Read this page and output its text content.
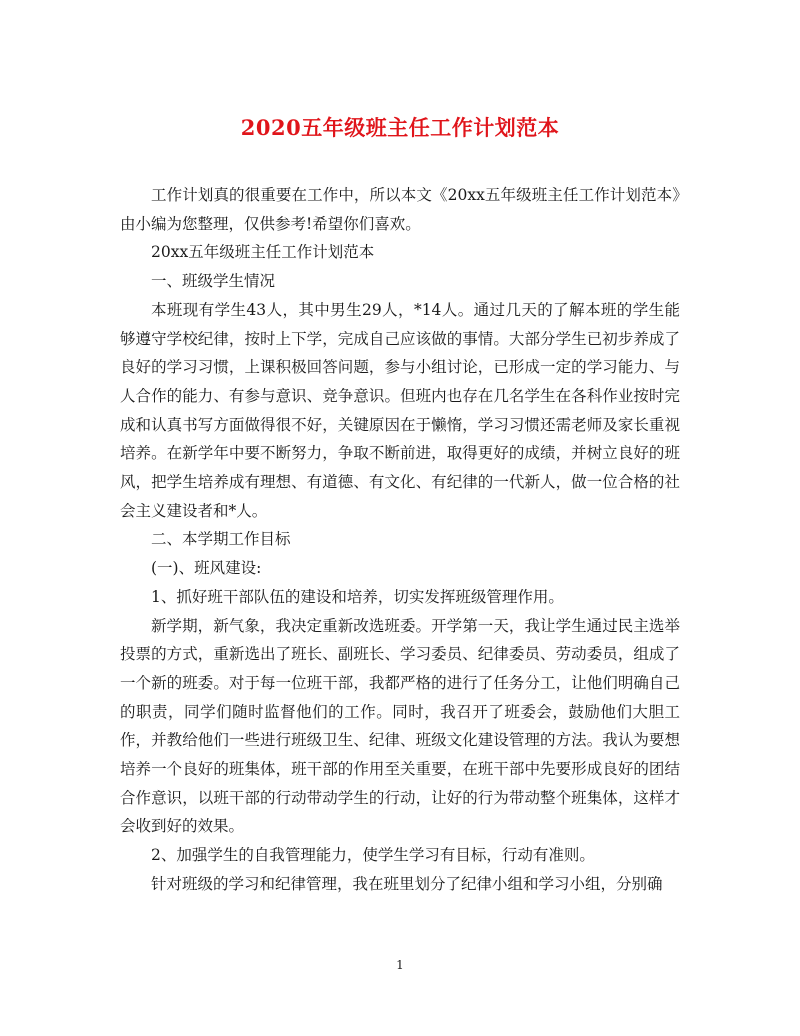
2020五年级班主任工作计划范本

工作计划真的很重要在工作中，所以本文《20xx五年级班主任工作计划范本》由小编为您整理，仅供参考!希望你们喜欢。

20xx五年级班主任工作计划范本

一、班级学生情况

本班现有学生43人，其中男生29人，*14人。通过几天的了解本班的学生能够遵守学校纪律，按时上下学，完成自己应该做的事情。大部分学生已初步养成了良好的学习习惯，上课积极回答问题，参与小组讨论，已形成一定的学习能力、与人合作的能力、有参与意识、竞争意识。但班内也存在几名学生在各科作业按时完成和认真书写方面做得很不好，关键原因在于懒惰，学习习惯还需老师及家长重视培养。在新学年中要不断努力，争取不断前进，取得更好的成绩，并树立良好的班风，把学生培养成有理想、有道德、有文化、有纪律的一代新人，做一位合格的社会主义建设者和*人。

二、本学期工作目标

(一)、班风建设:

1、抓好班干部队伍的建设和培养，切实发挥班级管理作用。

新学期，新气象，我决定重新改选班委。开学第一天，我让学生通过民主选举投票的方式，重新选出了班长、副班长、学习委员、纪律委员、劳动委员，组成了一个新的班委。对于每一位班干部，我都严格的进行了任务分工，让他们明确自己的职责，同学们随时监督他们的工作。同时，我召开了班委会，鼓励他们大胆工作，并教给他们一些进行班级卫生、纪律、班级文化建设管理的方法。我认为要想培养一个良好的班集体，班干部的作用至关重要，在班干部中先要形成良好的团结合作意识，以班干部的行动带动学生的行动，让好的行为带动整个班集体，这样才会收到好的效果。

2、加强学生的自我管理能力，使学生学习有目标，行动有准则。

针对班级的学习和纪律管理，我在班里划分了纪律小组和学习小组，分别确

1
